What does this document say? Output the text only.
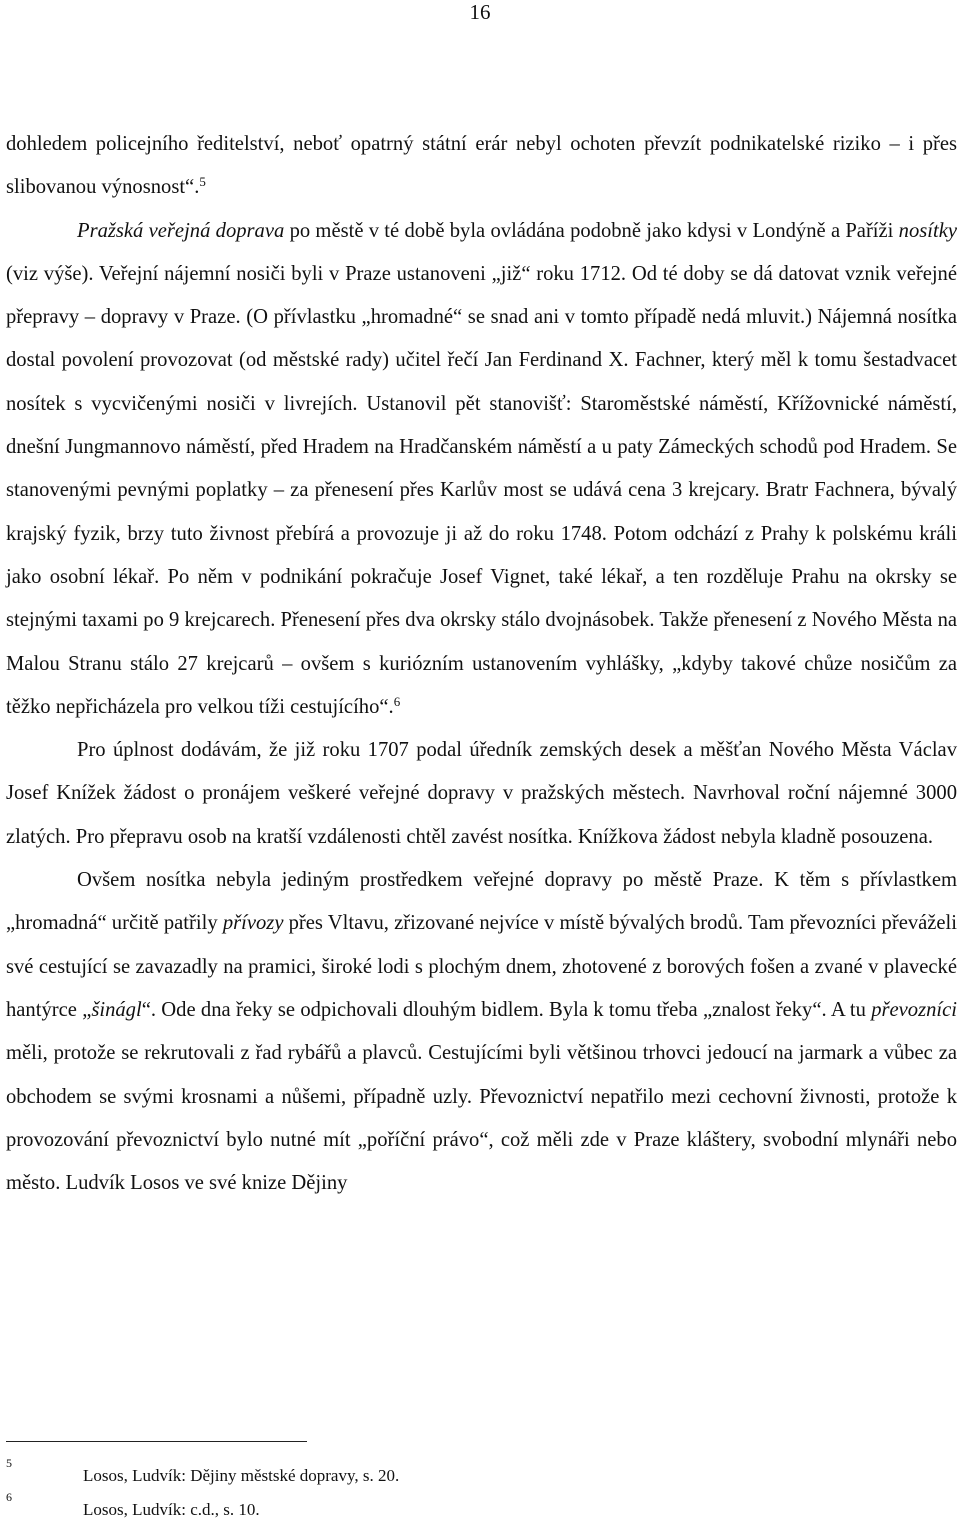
16

dohledem policejního ředitelství, neboť opatrný státní erár nebyl ochoten převzít podnikatelské riziko – i přes slibovanou výnosnost“.$^5$

Pražská veřejná doprava po městě v té době byla ovládána podobně jako kdysi v Londýně a Paříži nosítky (viz výše). Veřejní nájemní nosiči byli v Praze ustanoveni „již“ roku 1712. Od té doby se dá datovat vznik veřejné přepravy – dopravy v Praze. (O přívlastku „hromadné“ se snad ani v tomto případě nedá mluvit.) Nájemná nosítka dostal povolení provozovat (od městské rady) učitel řečí Jan Ferdinand X. Fachner, který měl k tomu šestadvacet nosítek s vycvičenými nosiči v livrejích. Ustanovil pět stanovišť: Staroměstské náměstí, Křížovnické náměstí, dnešní Jungmannovo náměstí, před Hradem na Hradčanském náměstí a u paty Zámeckých schodů pod Hradem. Se stanovenými pevnými poplatky – za přenesení přes Karlův most se udává cena 3 krejcary. Bratr Fachnera, bývalý krajský fyzik, brzy tuto živnost přebírá a provozuje ji až do roku 1748. Potom odchází z Prahy k polskému králi jako osobní lékař. Po něm v podnikání pokračuje Josef Vignet, také lékař, a ten rozděluje Prahu na okrsky se stejnými taxami po 9 krejcarech. Přenesení přes dva okrsky stálo dvojnásobek. Takže přenesení z Nového Města na Malou Stranu stálo 27 krejcarů – ovšem s kuriózním ustanovením vyhlášky, „kdyby takové chůze nosičům za těžko nepřicházela pro velkou tíži cestujícího“.$^6$

Pro úplnost dodávám, že již roku 1707 podal úředník zemských desek a měšťan Nového Města Václav Josef Knížek žádost o pronájem veškeré veřejné dopravy v pražských městech. Navrhoval roční nájemné 3000 zlatých. Pro přepravu osob na kratší vzdálenosti chtěl zavést nosítka. Knížkova žádost nebyla kladně posouzena.

Ovšem nosítka nebyla jediným prostředkem veřejné dopravy po městě Praze. K těm s přívlastkem „hromadná“ určitě patřily přívozy přes Vltavu, zřizované nejvíce v místě bývalých brodů. Tam převozníci převáželi své cestující se zavazadly na pramici, široké lodi s plochým dnem, zhotovené z borových fošen a zvané v plavecké hantýrce „šinágl“. Ode dna řeky se odpichovali dlouhým bidlem. Byla k tomu třeba „znalost řeky“. A tu převozníci měli, protože se rekrutovali z řad rybářů a plavců. Cestujícími byli většinou trhovci jedoucí na jarmark a vůbec za obchodem se svými krosnami a nůšemi, případně uzly. Převoznictví nepatřilo mezi cechovní živnosti, protože k provozování převoznictví bylo nutné mít „poříční právo“, což měli zde v Praze kláštery, svobodní mlynáři nebo město. Ludvík Losos ve své knize Dějiny

5
Losos, Ludvík: Dějiny městské dopravy, s. 20.
6
Losos, Ludvík: c.d., s. 10.
